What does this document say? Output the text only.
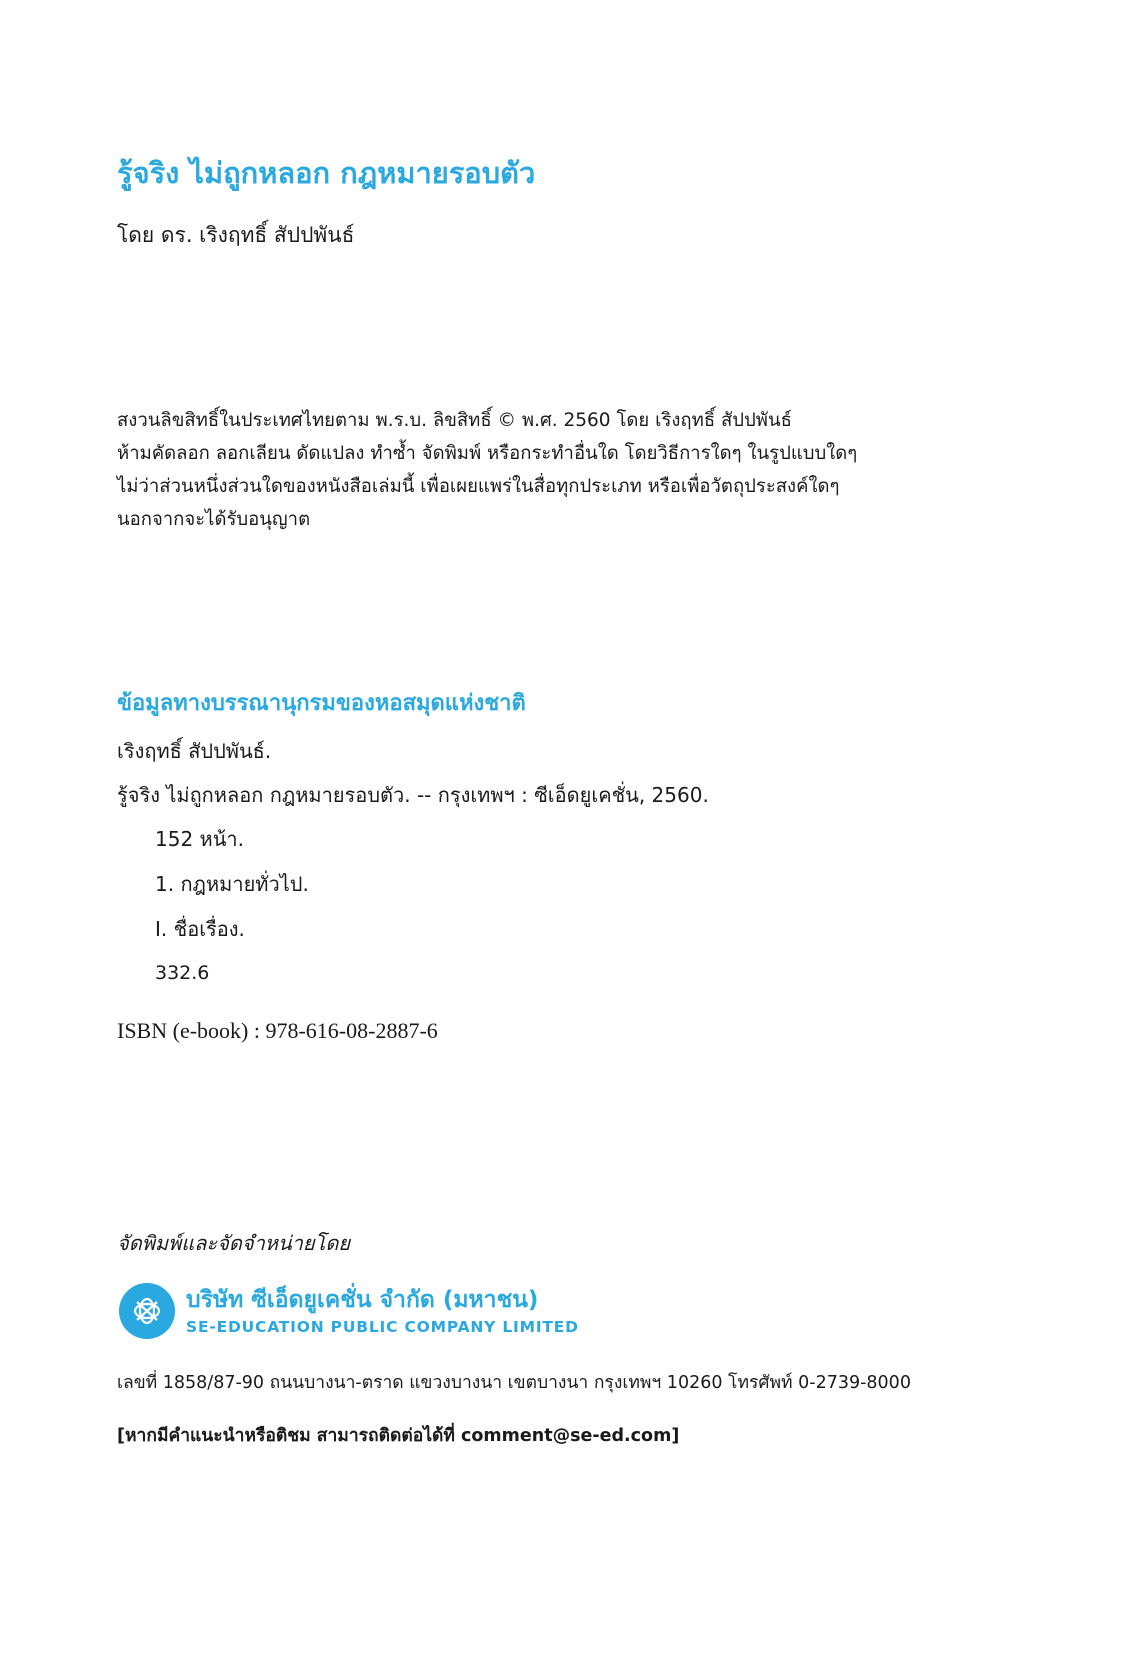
รู้จริง ไม่ถูกหลอก กฎหมายรอบตัว
โดย ดร. เริงฤทธิ์ สัปปพันธ์
สงวนลิขสิทธิ์ในประเทศไทยตาม พ.ร.บ. ลิขสิทธิ์ © พ.ศ. 2560 โดย เริงฤทธิ์ สัปปพันธ์
ห้ามคัดลอก ลอกเลียน ดัดแปลง ทำซ้ำ จัดพิมพ์ หรือกระทำอื่นใด โดยวิธีการใดๆ ในรูปแบบใดๆ
ไม่ว่าส่วนหนึ่งส่วนใดของหนังสือเล่มนี้ เพื่อเผยแพร่ในสื่อทุกประเภท หรือเพื่อวัตถุประสงค์ใดๆ
นอกจากจะได้รับอนุญาต
ข้อมูลทางบรรณานุกรมของหอสมุดแห่งชาติ
เริงฤทธิ์ สัปปพันธ์.
รู้จริง ไม่ถูกหลอก กฎหมายรอบตัว. -- กรุงเทพฯ : ซีเอ็ดยูเคชั่น, 2560.
152 หน้า.
1. กฎหมายทั่วไป.
I. ชื่อเรื่อง.
332.6
ISBN (e-book) : 978-616-08-2887-6
จัดพิมพ์และจัดจำหน่ายโดย
บริษัท ซีเอ็ดยูเคชั่น จำกัด (มหาชน)
SE-EDUCATION PUBLIC COMPANY LIMITED
เลขที่ 1858/87-90 ถนนบางนา-ตราด แขวงบางนา เขตบางนา กรุงเทพฯ 10260 โทรศัพท์ 0-2739-8000
[หากมีคำแนะนำหรือติชม สามารถติดต่อได้ที่ comment@se-ed.com]
